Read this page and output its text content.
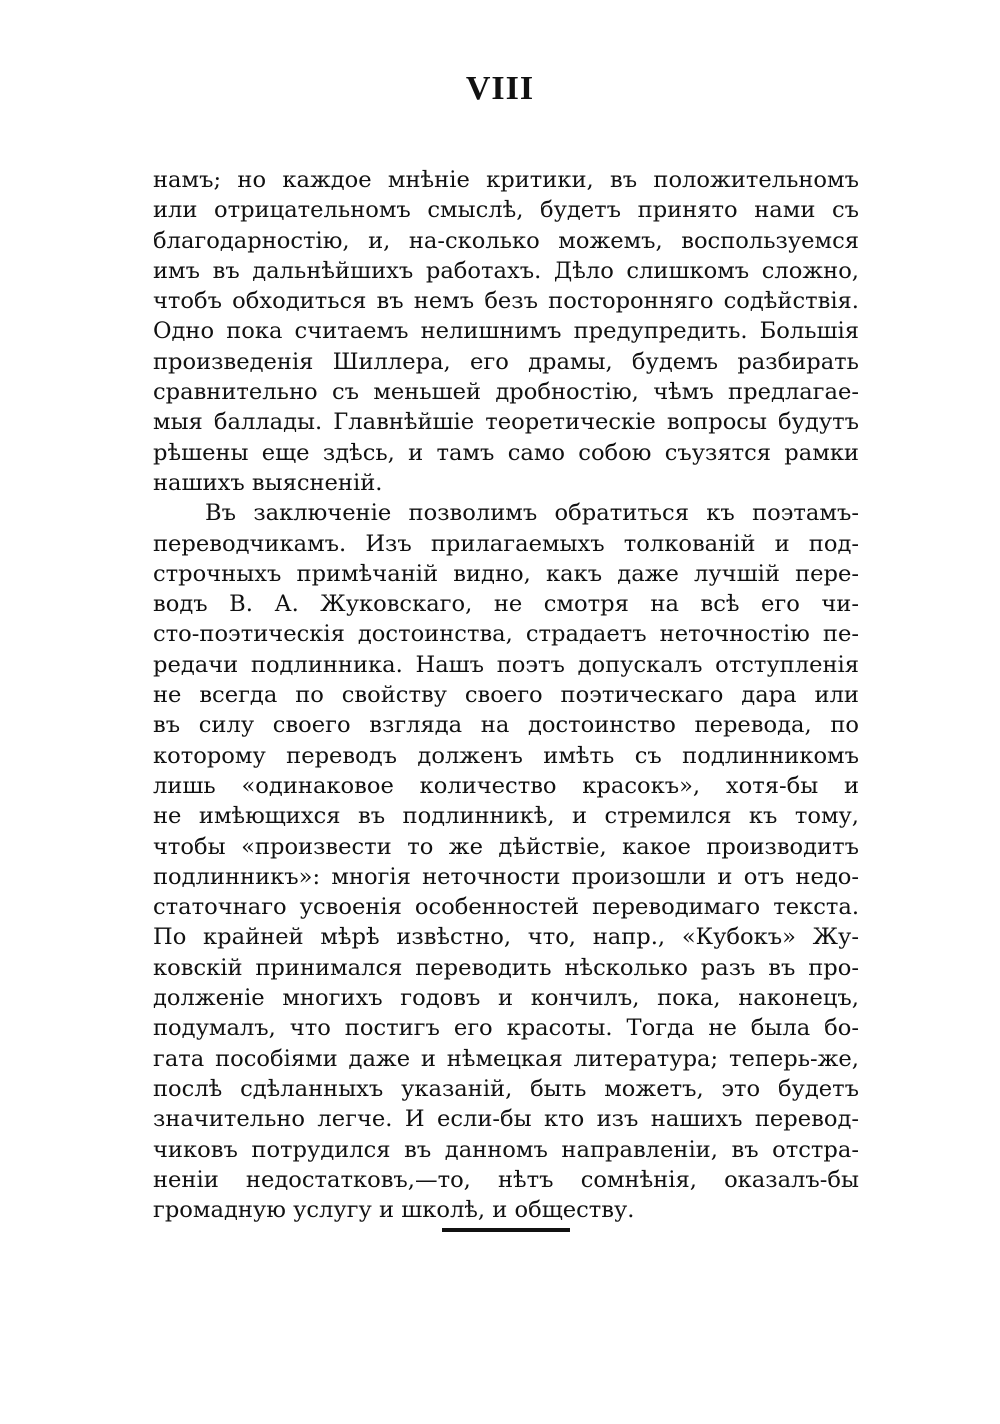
VIII
намъ; но каждое мнѣніе критики, въ положительномъ
или отрицательномъ смыслѣ, будетъ принято нами съ
благодарностію, и, на-сколько можемъ, воспользуемся
имъ въ дальнѣйшихъ работахъ. Дѣло слишкомъ сложно,
чтобъ обходиться въ немъ безъ посторонняго содѣйствія.
Одно пока считаемъ нелишнимъ предупредить. Большія
произведенія Шиллера, его драмы, будемъ разбирать
сравнительно съ меньшей дробностію, чѣмъ предлагае-
мыя баллады. Главнѣйшіе теоретическіе вопросы будутъ
рѣшены еще здѣсь, и тамъ само собою съузятся рамки
нашихъ выясненій.
Въ заключеніе позволимъ обратиться къ поэтамъ-
переводчикамъ. Изъ прилагаемыхъ толкованій и под-
строчныхъ примѣчаній видно, какъ даже лучшій пере-
водъ В. А. Жуковскаго, не смотря на всѣ его чи-
сто-поэтическія достоинства, страдаетъ неточностію пе-
редачи подлинника. Нашъ поэтъ допускалъ отступленія
не всегда по свойству своего поэтическаго дара или
въ силу своего взгляда на достоинство перевода, по
которому переводъ долженъ имѣть съ подлинникомъ
лишь «одинаковое количество красокъ», хотя-бы и
не имѣющихся въ подлинникѣ, и стремился къ тому,
чтобы «произвести то же дѣйствіе, какое производитъ
подлинникъ»: многія неточности произошли и отъ недо-
статочнаго усвоенія особенностей переводимаго текста.
По крайней мѣрѣ извѣстно, что, напр., «Кубокъ» Жу-
ковскій принимался переводить нѣсколько разъ въ про-
долженіе многихъ годовъ и кончилъ, пока, наконецъ,
подумалъ, что постигъ его красоты. Тогда не была бо-
гата пособіями даже и нѣмецкая литература; теперь-же,
послѣ сдѣланныхъ указаній, быть можетъ, это будетъ
значительно легче. И если-бы кто изъ нашихъ перевод-
чиковъ потрудился въ данномъ направленіи, въ отстра-
неніи недостатковъ,—то, нѣтъ сомнѣнія, оказалъ-бы
громадную услугу и школѣ, и обществу.
